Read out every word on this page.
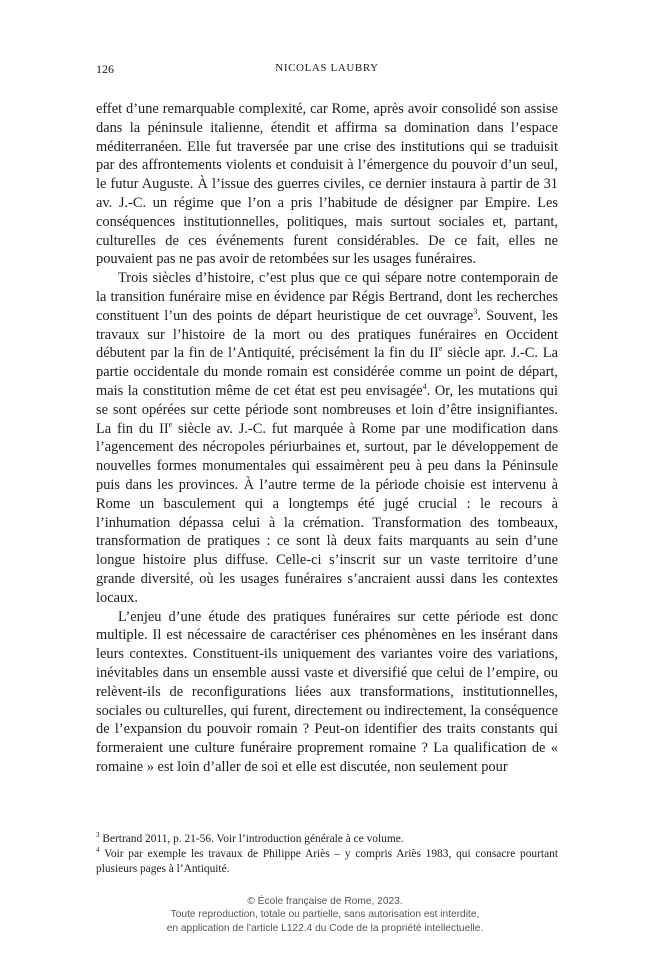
126	NICOLAS LAUBRY

effet d’une remarquable complexité, car Rome, après avoir consolidé son assise dans la péninsule italienne, étendit et affirma sa domination dans l’espace méditerranéen. Elle fut traversée par une crise des institutions qui se traduisit par des affrontements violents et conduisit à l’émergence du pouvoir d’un seul, le futur Auguste. À l’issue des guerres civiles, ce dernier instaura à partir de 31 av. J.-C. un régime que l’on a pris l’habitude de désigner par Empire. Les conséquences institutionnelles, politiques, mais surtout sociales et, partant, culturelles de ces événements furent considérables. De ce fait, elles ne pouvaient pas ne pas avoir de retombées sur les usages funéraires.

Trois siècles d’histoire, c’est plus que ce qui sépare notre contemporain de la transition funéraire mise en évidence par Régis Bertrand, dont les recherches constituent l’un des points de départ heuristique de cet ouvrage$^3$. Souvent, les travaux sur l’histoire de la mort ou des pratiques funéraires en Occident débutent par la fin de l’Antiquité, précisément la fin du IIe siècle apr. J.-C. La partie occidentale du monde romain est considérée comme un point de départ, mais la constitution même de cet état est peu envisagée$^4$. Or, les mutations qui se sont opérées sur cette période sont nombreuses et loin d’être insignifiantes. La fin du IIe siècle av. J.-C. fut marquée à Rome par une modification dans l’agencement des nécropoles périurbaines et, surtout, par le développement de nouvelles formes monumentales qui essaimèrent peu à peu dans la Péninsule puis dans les provinces. À l’autre terme de la période choisie est intervenu à Rome un basculement qui a longtemps été jugé crucial : le recours à l’inhumation dépassa celui à la crémation. Transformation des tombeaux, transformation de pratiques : ce sont là deux faits marquants au sein d’une longue histoire plus diffuse. Celle-ci s’inscrit sur un vaste territoire d’une grande diversité, où les usages funéraires s’ancraient aussi dans les contextes locaux.

L’enjeu d’une étude des pratiques funéraires sur cette période est donc multiple. Il est nécessaire de caractériser ces phénomènes en les insérant dans leurs contextes. Constituent-ils uniquement des variantes voire des variations, inévitables dans un ensemble aussi vaste et diversifié que celui de l’empire, ou relèvent-ils de reconfigurations liées aux transformations, institutionnelles, sociales ou culturelles, qui furent, directement ou indirectement, la conséquence de l’expansion du pouvoir romain ? Peut-on identifier des traits constants qui formeraient une culture funéraire proprement romaine ? La qualification de « romaine » est loin d’aller de soi et elle est discutée, non seulement pour

$^3$ Bertrand 2011, p. 21-56. Voir l’introduction générale à ce volume.

$^4$ Voir par exemple les travaux de Philippe Ariès – y compris Ariès 1983, qui consacre pourtant plusieurs pages à l’Antiquité.

© École française de Rome, 2023.
Toute reproduction, totale ou partielle, sans autorisation est interdite,
en application de l’article L122.4 du Code de la propriété intellectuelle.
